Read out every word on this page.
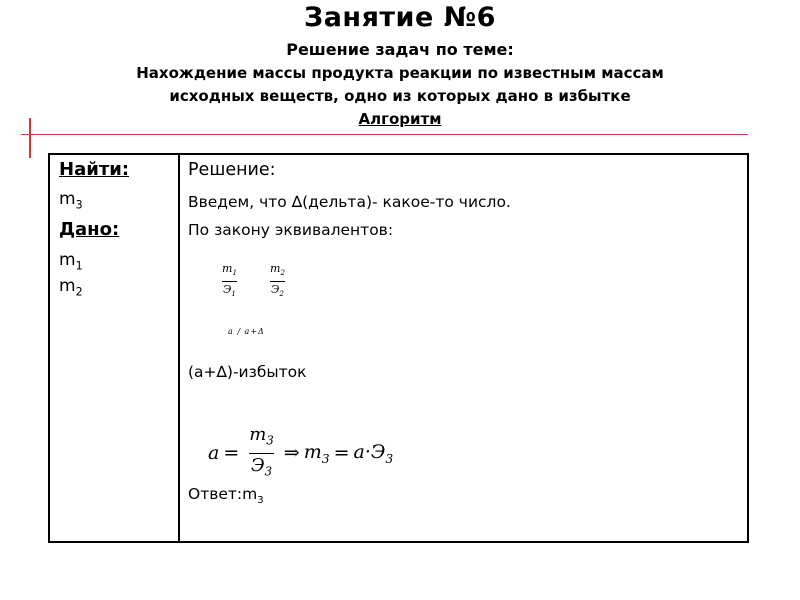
Занятие №6
Решение задач по теме:
Нахождение массы продукта реакции по известным массам
исходных веществ, одно из которых дано в избытке
Алгоритм
Найти:
$m_3$
Дано:
$m_1$
$m_2$
Решение:
Введем, что ∆(дельта)- какое-то число.
По закону эквивалентов:
$m_1$
$Э_1$
$m_2$
$Э_2$
a / a+Δ
(a+∆)-избыток
a =
$m_3$
$Э_3$
⇒ $m_3 = a\cdot Э_3$
$Ответ:m_3$
